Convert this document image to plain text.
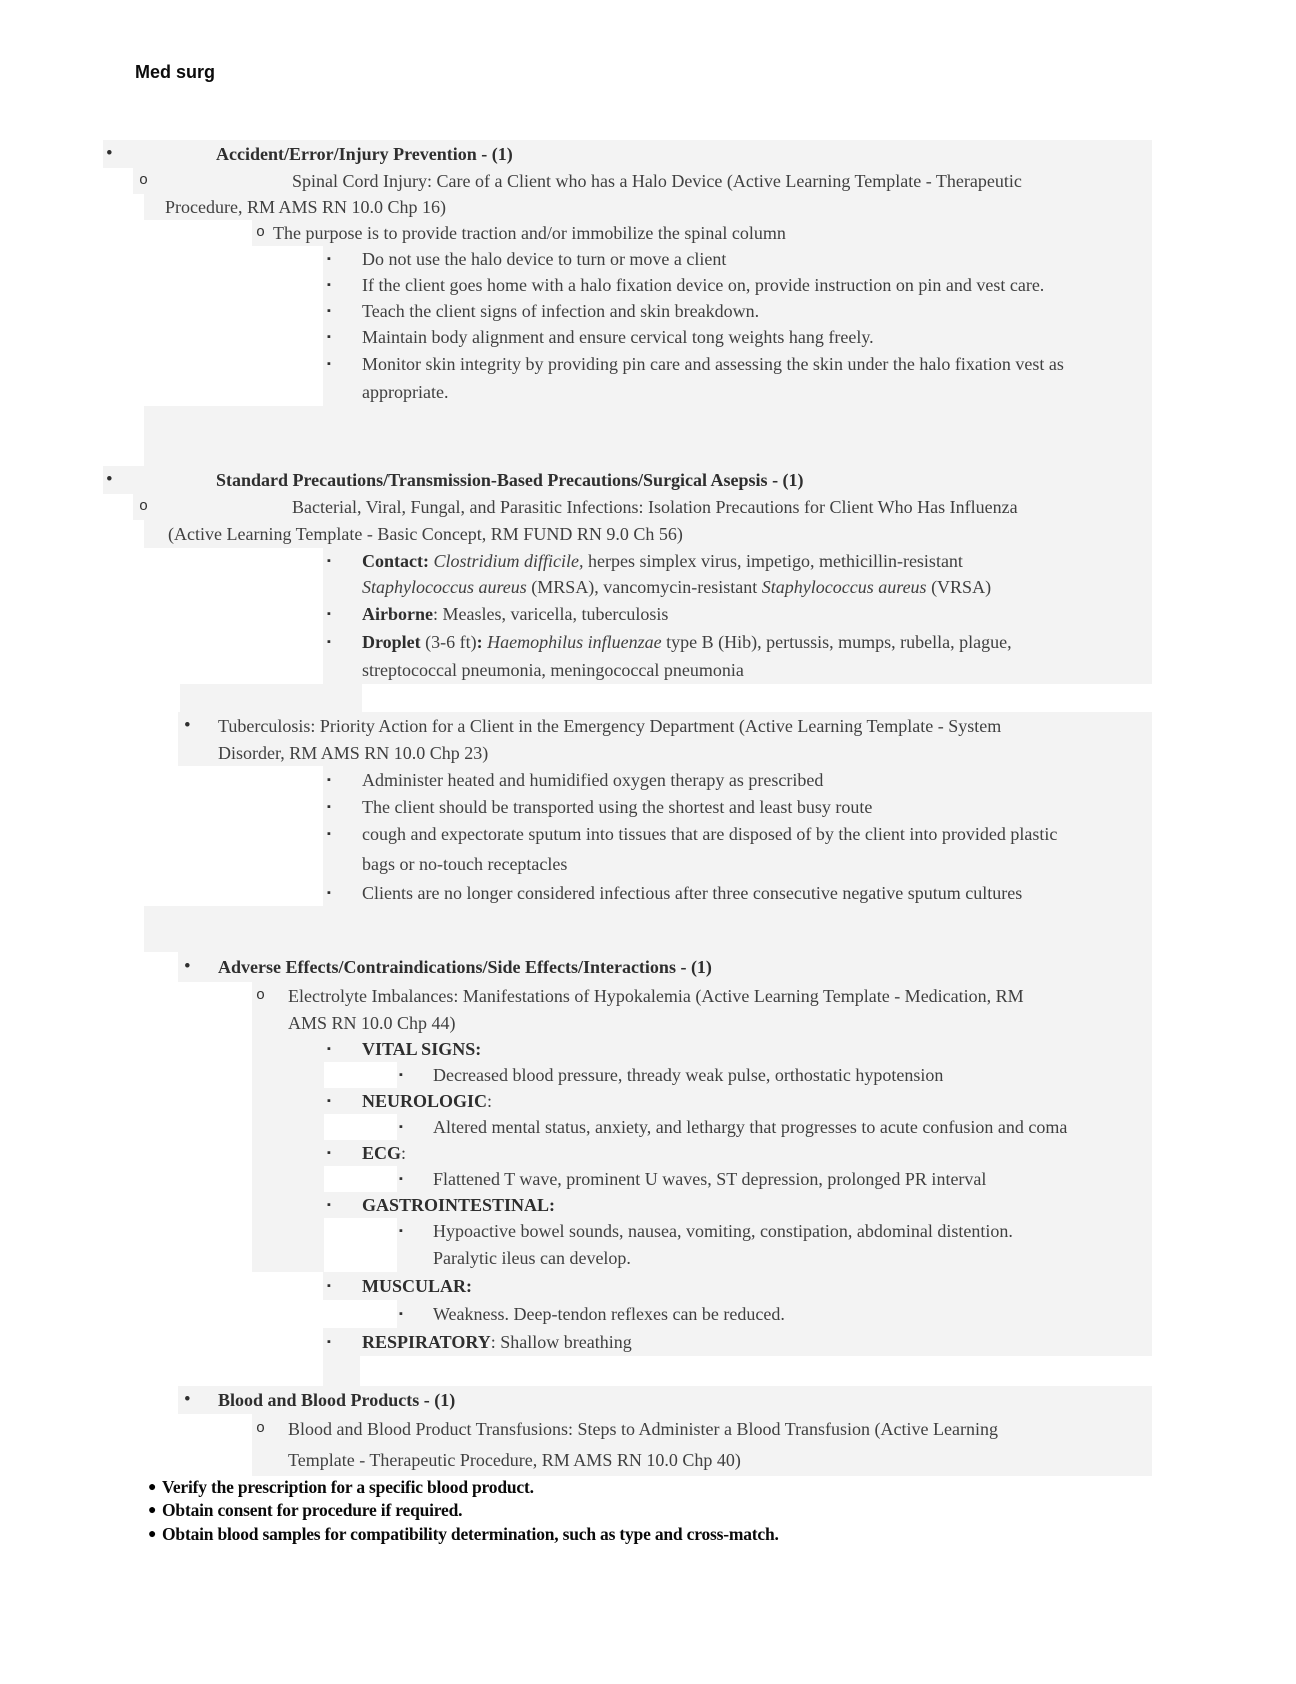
Med surg
•	Accident/Error/Injury Prevention - (1)
o	Spinal Cord Injury: Care of a Client who has a Halo Device (Active Learning Template - Therapeutic
Procedure, RM AMS RN 10.0 Chp 16)
o The purpose is to provide traction and/or immobilize the spinal column
▪ Do not use the halo device to turn or move a client
▪ If the client goes home with a halo fixation device on, provide instruction on pin and vest care.
▪ Teach the client signs of infection and skin breakdown.
▪ Maintain body alignment and ensure cervical tong weights hang freely.
▪ Monitor skin integrity by providing pin care and assessing the skin under the halo fixation vest as
appropriate.
•	Standard Precautions/Transmission-Based Precautions/Surgical Asepsis - (1)
o	Bacterial, Viral, Fungal, and Parasitic Infections: Isolation Precautions for Client Who Has Influenza
(Active Learning Template - Basic Concept, RM FUND RN 9.0 Ch 56)
▪ Contact: Clostridium difficile, herpes simplex virus, impetigo, methicillin-resistant
Staphylococcus aureus (MRSA), vancomycin-resistant Staphylococcus aureus (VRSA)
▪ Airborne: Measles, varicella, tuberculosis
▪ Droplet (3-6 ft): Haemophilus influenzae type B (Hib), pertussis, mumps, rubella, plague,
streptococcal pneumonia, meningococcal pneumonia
• Tuberculosis: Priority Action for a Client in the Emergency Department (Active Learning Template - System
Disorder, RM AMS RN 10.0 Chp 23)
▪ Administer heated and humidified oxygen therapy as prescribed
▪ The client should be transported using the shortest and least busy route
▪ cough and expectorate sputum into tissues that are disposed of by the client into provided plastic
bags or no-touch receptacles
▪ Clients are no longer considered infectious after three consecutive negative sputum cultures
• Adverse Effects/Contraindications/Side Effects/Interactions - (1)
o Electrolyte Imbalances: Manifestations of Hypokalemia (Active Learning Template - Medication, RM
AMS RN 10.0 Chp 44)
▪ VITAL SIGNS:
▪ Decreased blood pressure, thready weak pulse, orthostatic hypotension
▪ NEUROLOGIC:
▪ Altered mental status, anxiety, and lethargy that progresses to acute confusion and coma
▪ ECG:
▪ Flattened T wave, prominent U waves, ST depression, prolonged PR interval
▪ GASTROINTESTINAL:
▪ Hypoactive bowel sounds, nausea, vomiting, constipation, abdominal distention.
Paralytic ileus can develop.
▪ MUSCULAR:
▪ Weakness. Deep-tendon reflexes can be reduced.
▪ RESPIRATORY: Shallow breathing
• Blood and Blood Products - (1)
o Blood and Blood Product Transfusions: Steps to Administer a Blood Transfusion (Active Learning
Template - Therapeutic Procedure, RM AMS RN 10.0 Chp 40)
● Verify the prescription for a specific blood product.
● Obtain consent for procedure if required.
● Obtain blood samples for compatibility determination, such as type and cross-match.
